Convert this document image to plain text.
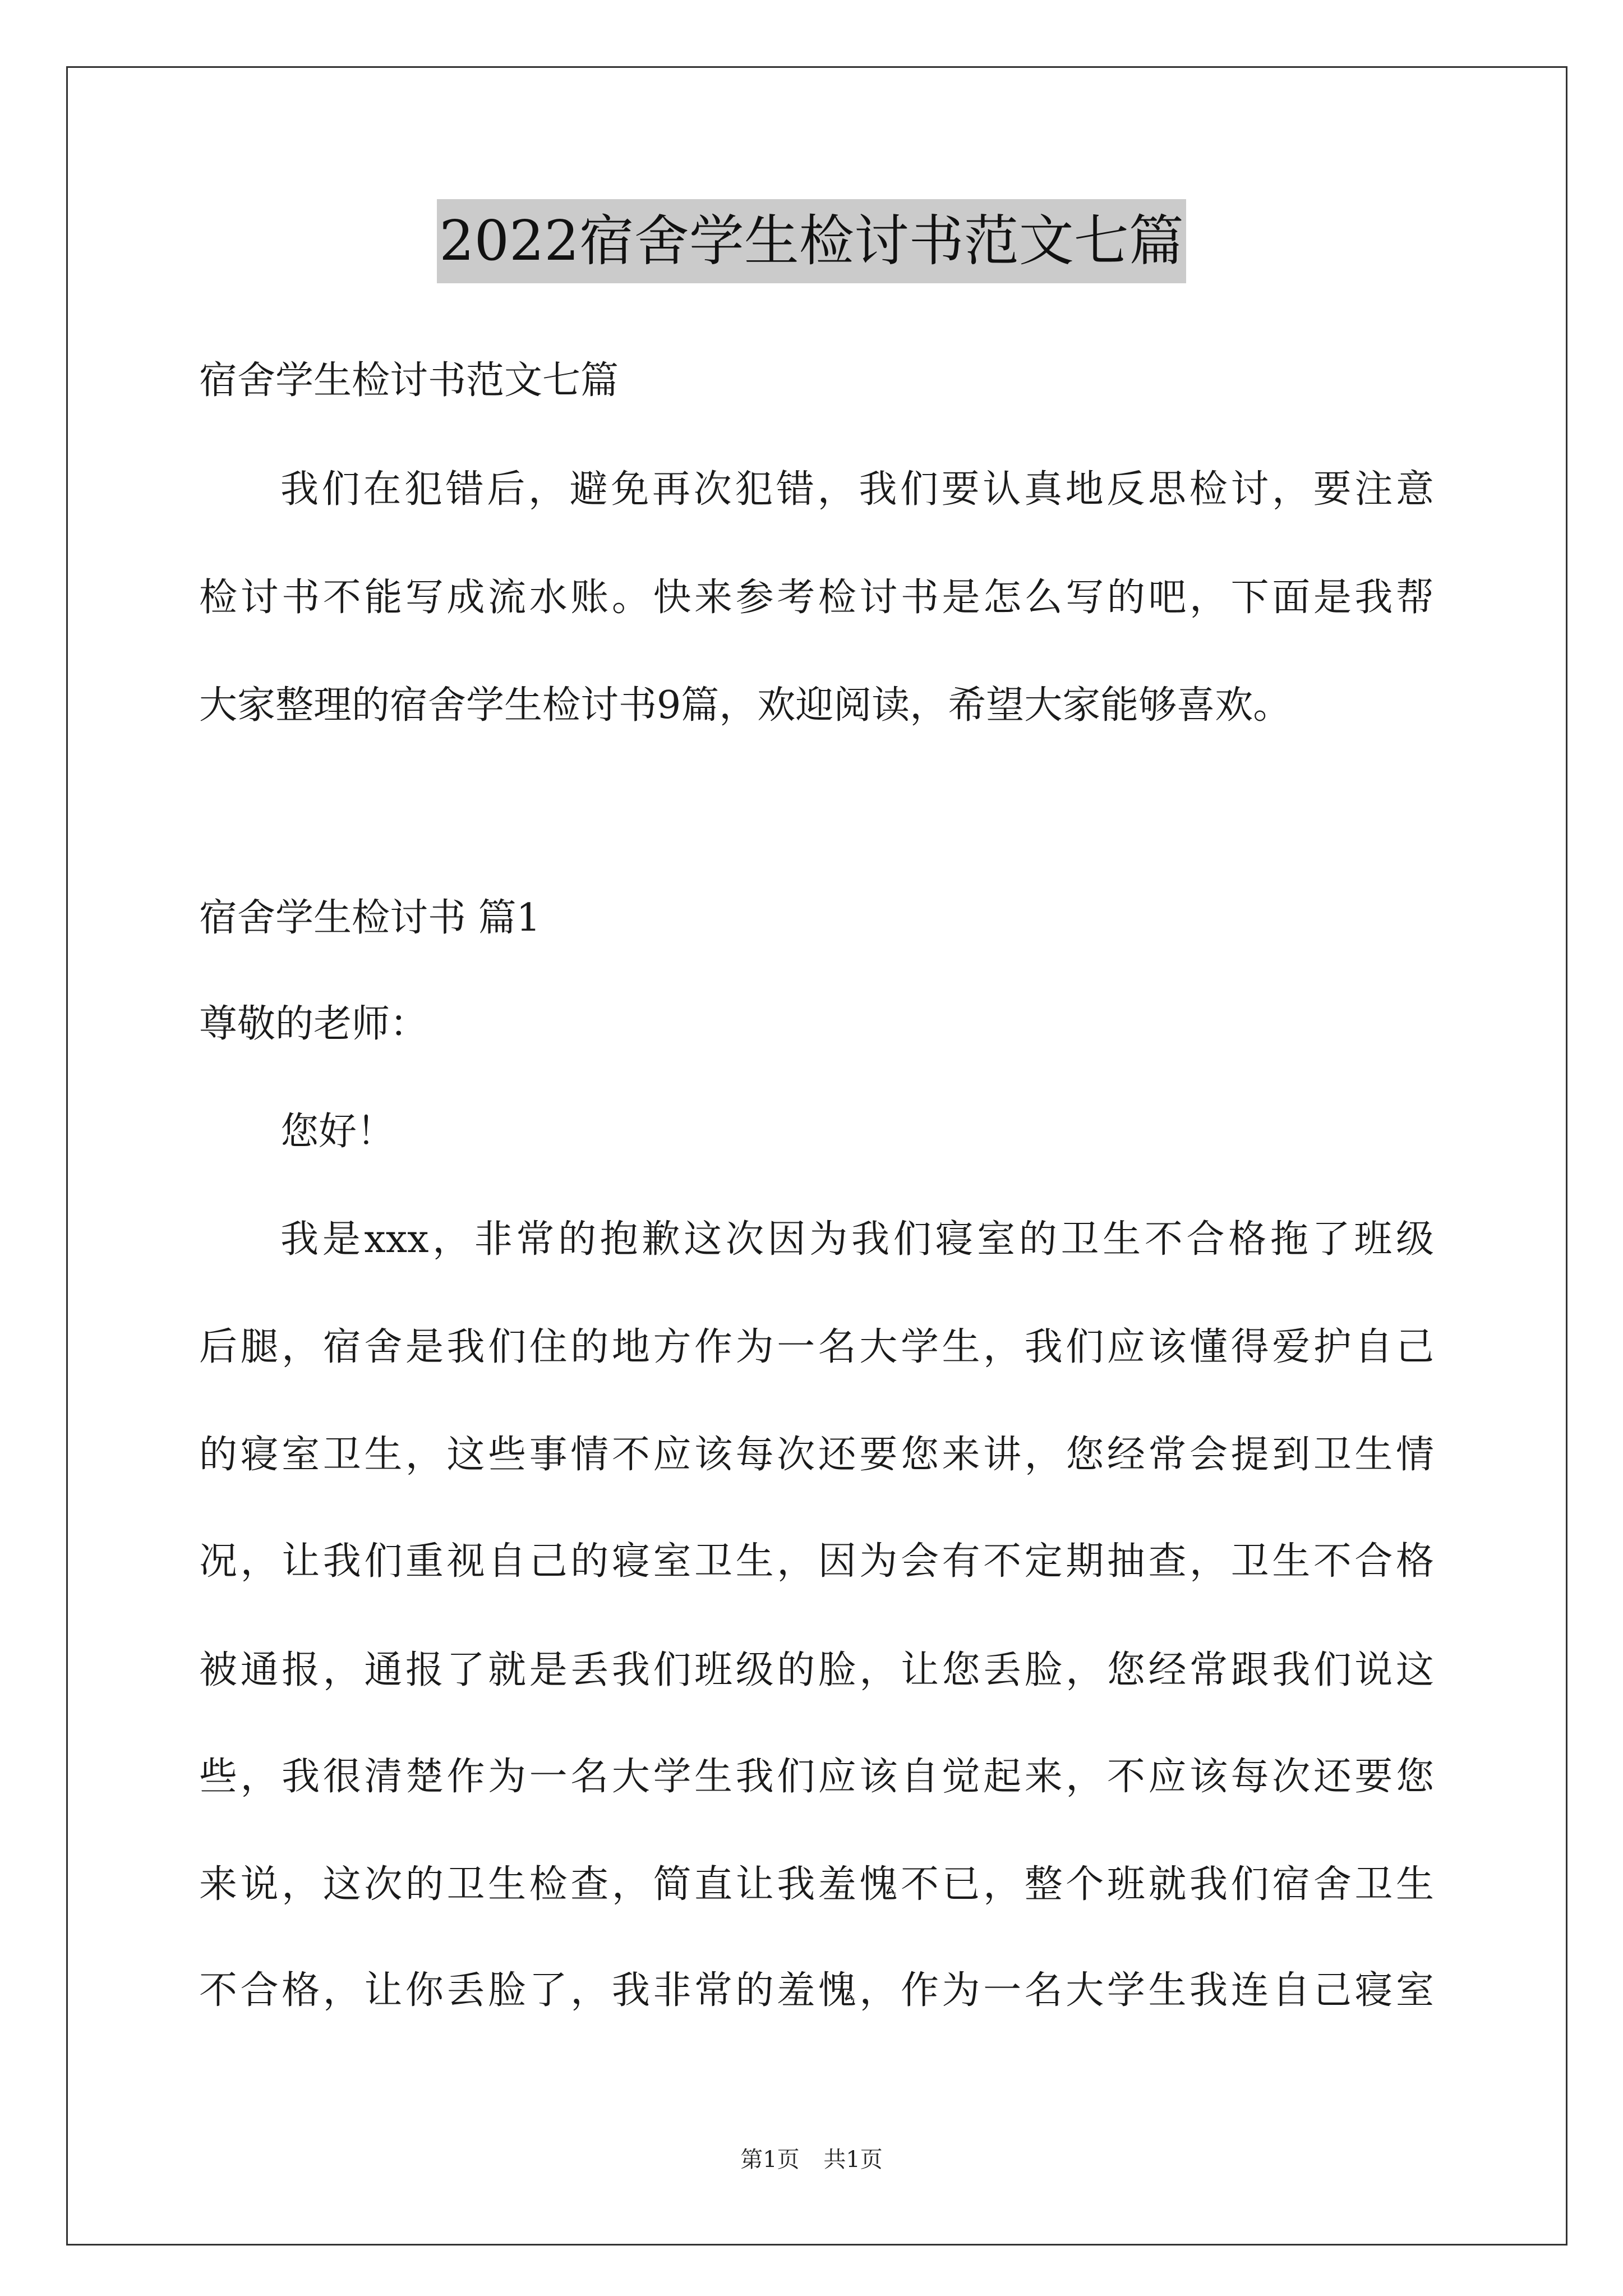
2022宿舍学生检讨书范文七篇
宿舍学生检讨书范文七篇
我们在犯错后，避免再次犯错，我们要认真地反思检讨，要注意
检讨书不能写成流水账。快来参考检讨书是怎么写的吧，下面是我帮
大家整理的宿舍学生检讨书9篇，欢迎阅读，希望大家能够喜欢。
宿舍学生检讨书 篇1
尊敬的老师：
您好！
我是xxx，非常的抱歉这次因为我们寝室的卫生不合格拖了班级
后腿，宿舍是我们住的地方作为一名大学生，我们应该懂得爱护自己
的寝室卫生，这些事情不应该每次还要您来讲，您经常会提到卫生情
况，让我们重视自己的寝室卫生，因为会有不定期抽查，卫生不合格
被通报，通报了就是丢我们班级的脸，让您丢脸，您经常跟我们说这
些，我很清楚作为一名大学生我们应该自觉起来，不应该每次还要您
来说，这次的卫生检查，简直让我羞愧不已，整个班就我们宿舍卫生
不合格，让你丢脸了，我非常的羞愧，作为一名大学生我连自己寝室
第1页 共1页
